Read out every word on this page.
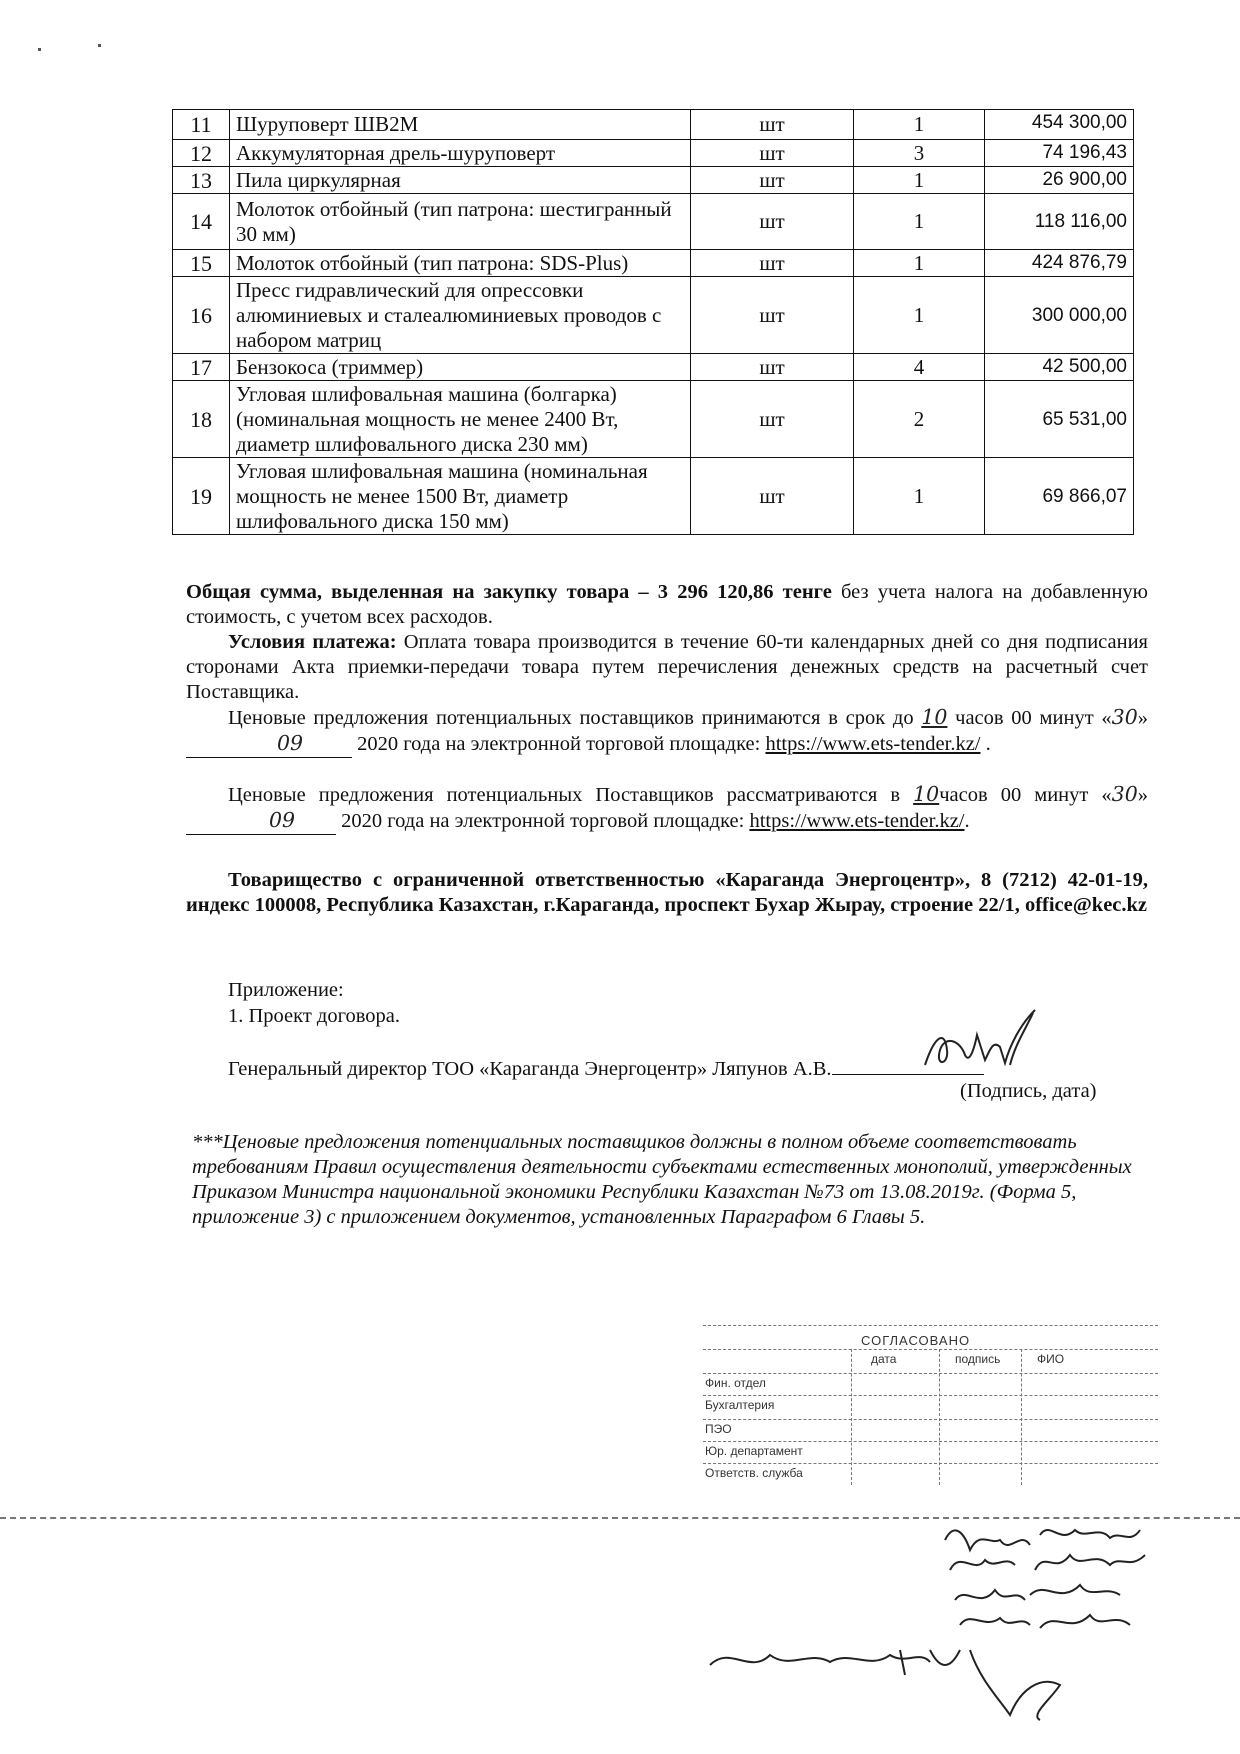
11	Шуруповерт ШВ2М	шт	1	454 300,00
12	Аккумуляторная дрель-шуруповерт	шт	3	74 196,43
13	Пила циркулярная	шт	1	26 900,00
14	Молоток отбойный (тип патрона: шестигранный 30 мм)	шт	1	118 116,00
15	Молоток отбойный (тип патрона: SDS-Plus)	шт	1	424 876,79
16	Пресс гидравлический для опрессовки алюминиевых и сталеалюминиевых проводов с набором матриц	шт	1	300 000,00
17	Бензокоса (триммер)	шт	4	42 500,00
18	Угловая шлифовальная машина (болгарка) (номинальная мощность не менее 2400 Вт, диаметр шлифовального диска 230 мм)	шт	2	65 531,00
19	Угловая шлифовальная машина (номинальная мощность не менее 1500 Вт, диаметр шлифовального диска 150 мм)	шт	1	69 866,07
Общая сумма, выделенная на закупку товара – 3 296 120,86 тенге без учета налога на добавленную стоимость, с учетом всех расходов.
Условия платежа: Оплата товара производится в течение 60-ти календарных дней со дня подписания сторонами Акта приемки-передачи товара путем перечисления денежных средств на расчетный счет Поставщика.
Ценовые предложения потенциальных поставщиков принимаются в срок до 10 часов 00 минут «30» 09 2020 года на электронной торговой площадке: https://www.ets-tender.kz/ .
Ценовые предложения потенциальных Поставщиков рассматриваются в 10часов 00 минут «30» 09 2020 года на электронной торговой площадке: https://www.ets-tender.kz/.
Товарищество с ограниченной ответственностью «Караганда Энергоцентр», 8 (7212) 42-01-19, индекс 100008, Республика Казахстан, г.Караганда, проспект Бухар Жырау, строение 22/1, office@kec.kz
Приложение:
1. Проект договора.
Генеральный директор ТОО «Караганда Энергоцентр» Ляпунов А.В.
(Подпись, дата)
***Ценовые предложения потенциальных поставщиков должны в полном объеме соответствовать требованиям Правил осуществления деятельности субъектами естественных монополий, утвержденных Приказом Министра национальной экономики Республики Казахстан №73 от 13.08.2019г. (Форма 5, приложение 3) с приложением документов, установленных Параграфом 6 Главы 5.
СОГЛАСОВАНО
дата	подпись	ФИО
Фин. отдел
Бухгалтерия
ПЭО
Юр. департамент
Ответств. служба
